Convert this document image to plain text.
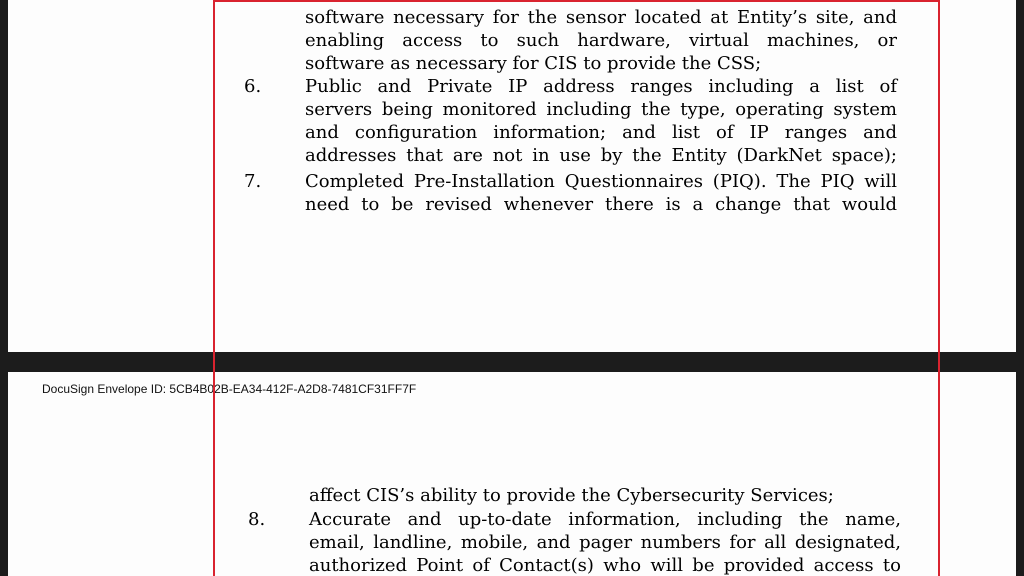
software necessary for the sensor located at Entity’s site, and
enabling access to such hardware, virtual machines, or
software as necessary for CIS to provide the CSS;
6. Public and Private IP address ranges including a list of
servers being monitored including the type, operating system
and configuration information; and list of IP ranges and
addresses that are not in use by the Entity (DarkNet space);
7. Completed Pre-Installation Questionnaires (PIQ). The PIQ will
need to be revised whenever there is a change that would
DocuSign Envelope ID: 5CB4B02B-EA34-412F-A2D8-7481CF31FF7F
affect CIS’s ability to provide the Cybersecurity Services;
8. Accurate and up-to-date information, including the name,
email, landline, mobile, and pager numbers for all designated,
authorized Point of Contact(s) who will be provided access to
